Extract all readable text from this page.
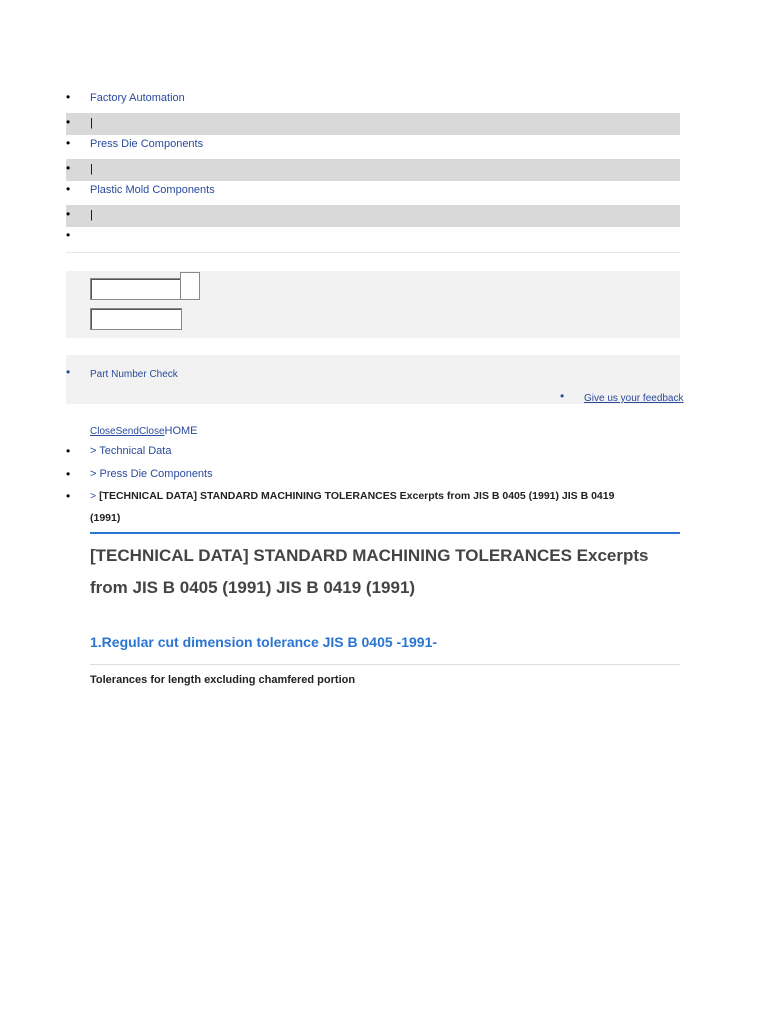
• Factory Automation
• |
• Press Die Components
• |
• Plastic Mold Components
• |
•
• Part Number Check
• Give us your feedback
CloseSendCloseHOME
• > Technical Data
• > Press Die Components
• > [TECHNICAL DATA] STANDARD MACHINING TOLERANCES Excerpts from JIS B 0405 (1991) JIS B 0419
(1991)
[TECHNICAL DATA] STANDARD MACHINING TOLERANCES Excerpts from JIS B 0405 (1991) JIS B 0419 (1991)
1.Regular cut dimension tolerance JIS B 0405 -1991-
Tolerances for length excluding chamfered portion
